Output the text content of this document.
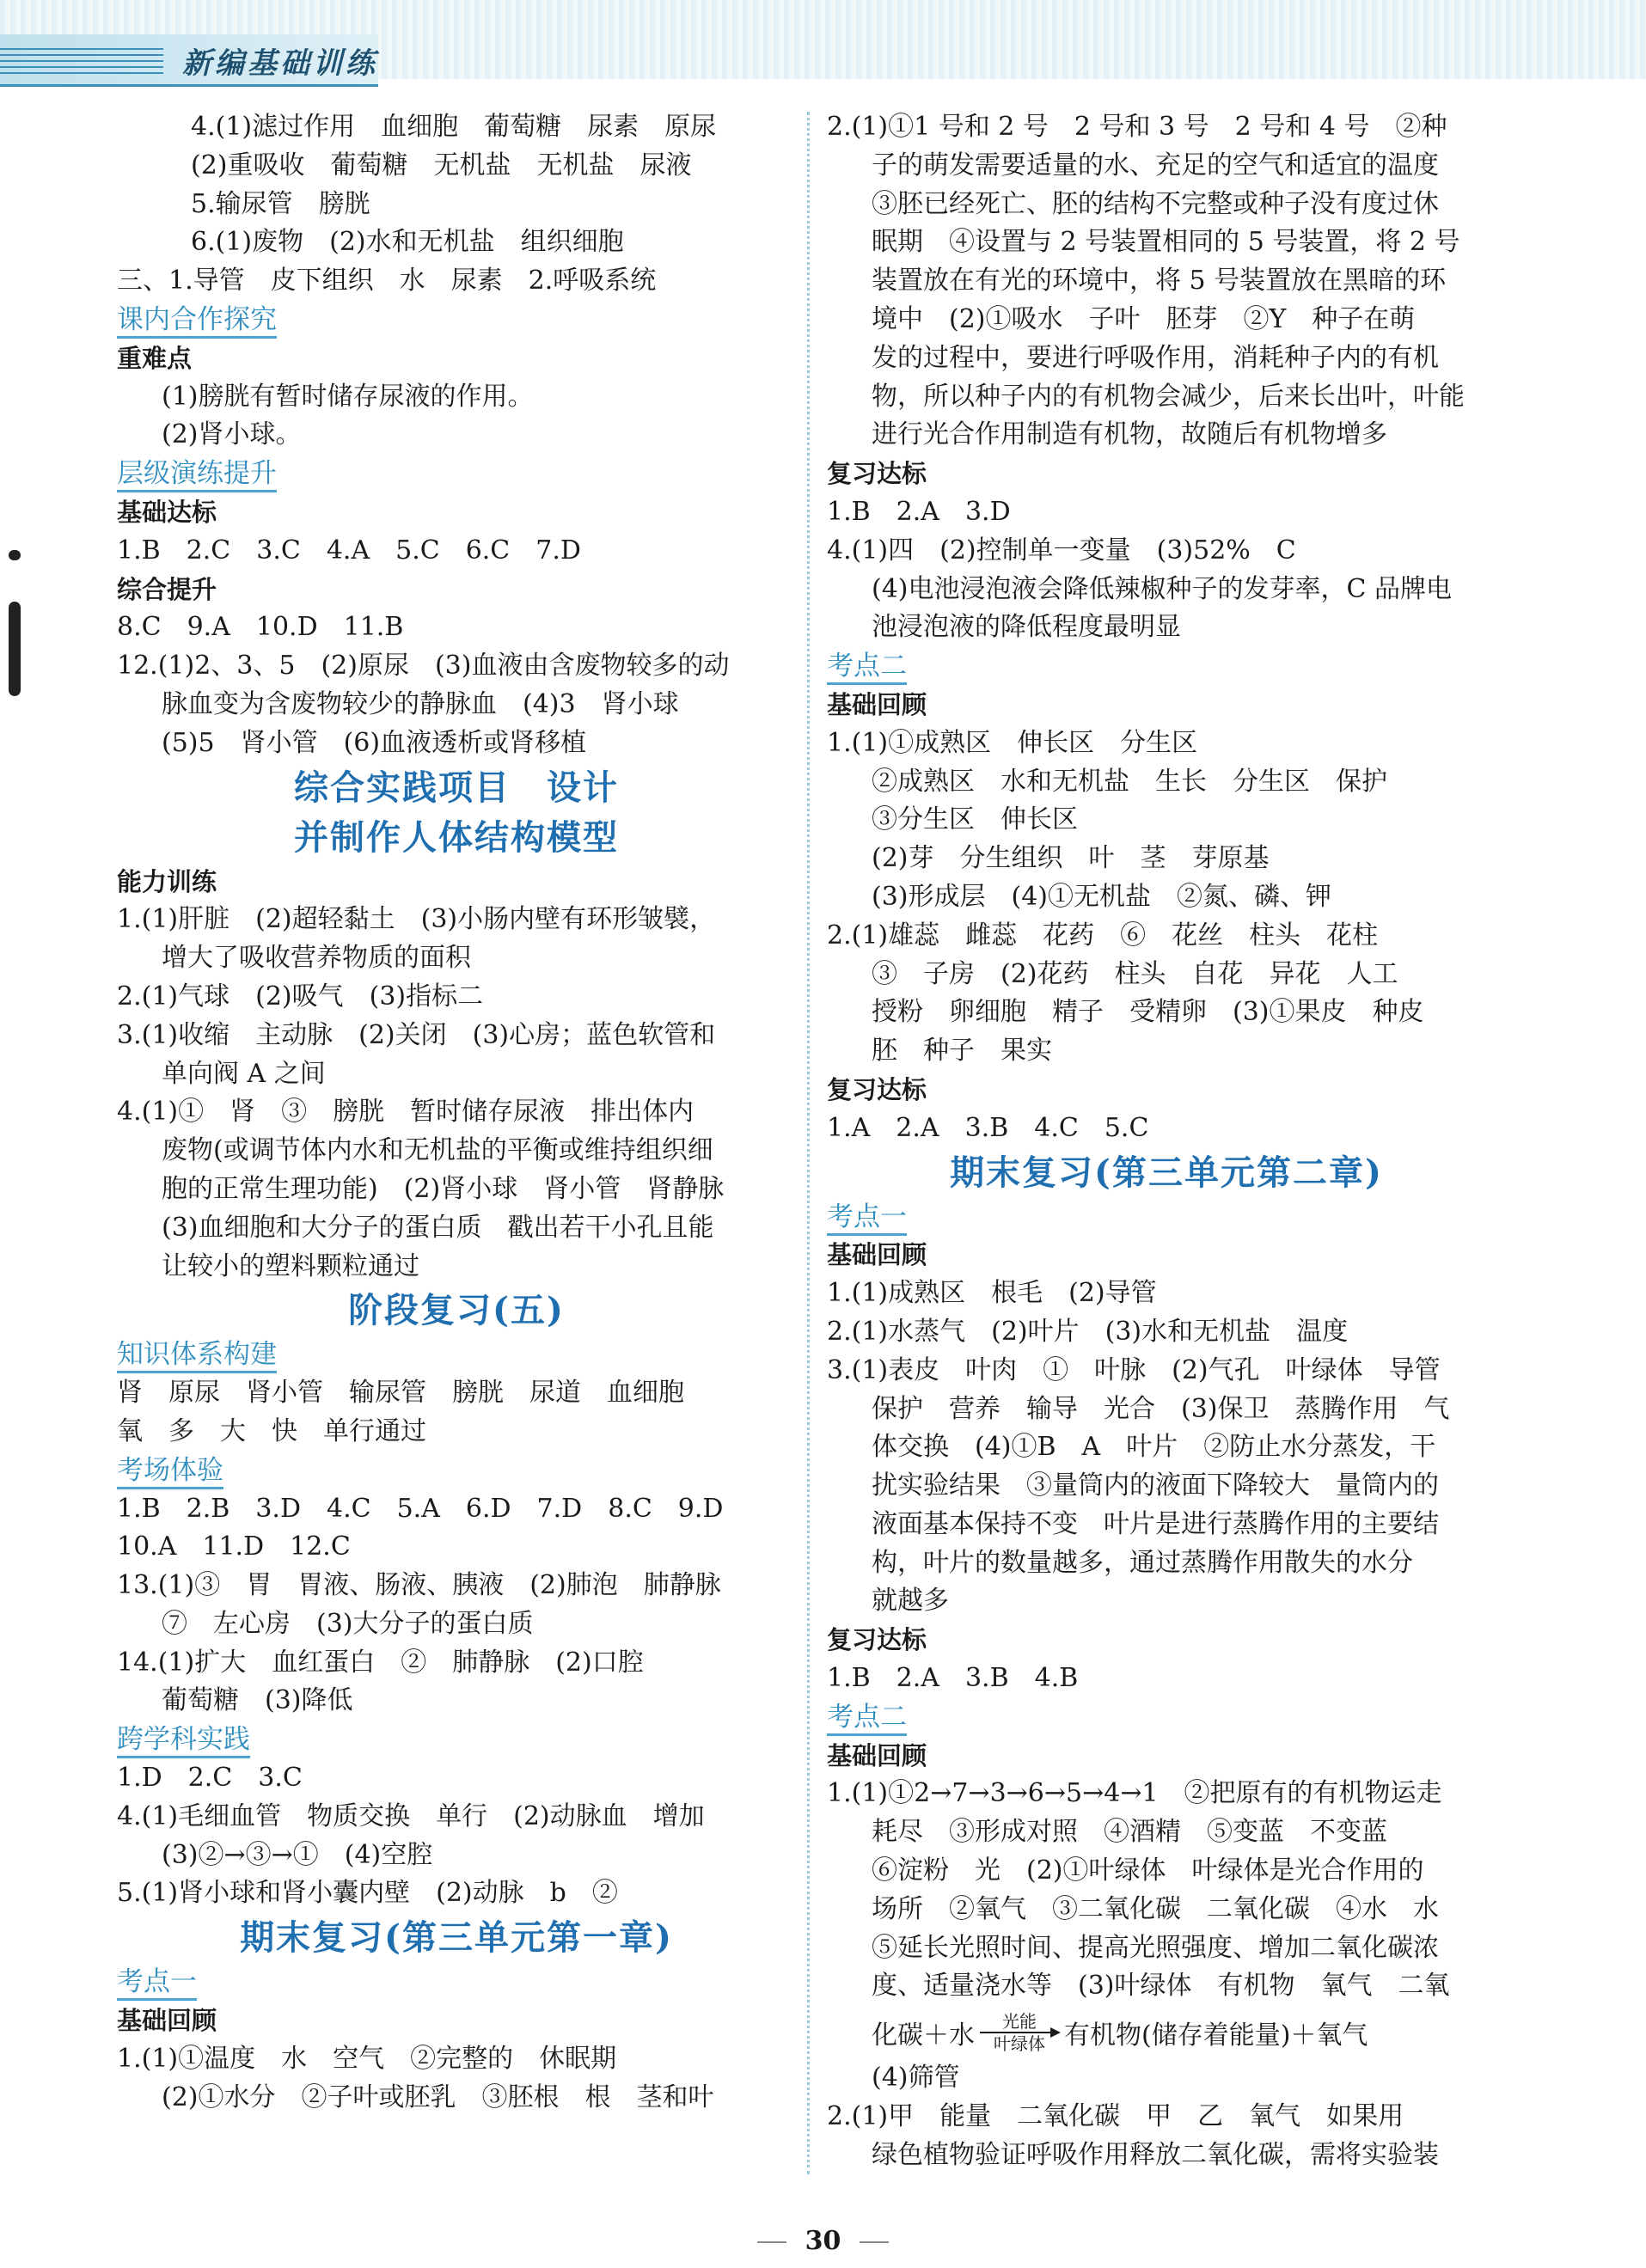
新编基础训练
4.(1)滤过作用　血细胞　葡萄糖　尿素　原尿
(2)重吸收　葡萄糖　无机盐　无机盐　尿液
5.输尿管　膀胱
6.(1)废物　(2)水和无机盐　组织细胞
三、1.导管　皮下组织　水　尿素　2.呼吸系统
课内合作探究
重难点
(1)膀胱有暂时储存尿液的作用。
(2)肾小球。
层级演练提升
基础达标
1.B　2.C　3.C　4.A　5.C　6.C　7.D
综合提升
8.C　9.A　10.D　11.B
12.(1)2、3、5　(2)原尿　(3)血液由含废物较多的动
脉血变为含废物较少的静脉血　(4)3　肾小球
(5)5　肾小管　(6)血液透析或肾移植
综合实践项目　设计
并制作人体结构模型
能力训练
1.(1)肝脏　(2)超轻黏土　(3)小肠内壁有环形皱襞，
增大了吸收营养物质的面积
2.(1)气球　(2)吸气　(3)指标二
3.(1)收缩　主动脉　(2)关闭　(3)心房；蓝色软管和
单向阀 A 之间
4.(1)①　肾　③　膀胱　暂时储存尿液　排出体内
废物(或调节体内水和无机盐的平衡或维持组织细
胞的正常生理功能)　(2)肾小球　肾小管　肾静脉
(3)血细胞和大分子的蛋白质　戳出若干小孔且能
让较小的塑料颗粒通过
阶段复习(五)
知识体系构建
肾　原尿　肾小管　输尿管　膀胱　尿道　血细胞
氧　多　大　快　单行通过
考场体验
1.B　2.B　3.D　4.C　5.A　6.D　7.D　8.C　9.D
10.A　11.D　12.C
13.(1)③　胃　胃液、肠液、胰液　(2)肺泡　肺静脉
⑦　左心房　(3)大分子的蛋白质
14.(1)扩大　血红蛋白　②　肺静脉　(2)口腔
葡萄糖　(3)降低
跨学科实践
1.D　2.C　3.C
4.(1)毛细血管　物质交换　单行　(2)动脉血　增加
(3)②→③→①　(4)空腔
5.(1)肾小球和肾小囊内壁　(2)动脉　b　②
期末复习(第三单元第一章)
考点一
基础回顾
1.(1)①温度　水　空气　②完整的　休眠期
(2)①水分　②子叶或胚乳　③胚根　根　茎和叶
2.(1)①1 号和 2 号　2 号和 3 号　2 号和 4 号　②种
子的萌发需要适量的水、充足的空气和适宜的温度
③胚已经死亡、胚的结构不完整或种子没有度过休
眠期　④设置与 2 号装置相同的 5 号装置，将 2 号
装置放在有光的环境中，将 5 号装置放在黑暗的环
境中　(2)①吸水　子叶　胚芽　②Y　种子在萌
发的过程中，要进行呼吸作用，消耗种子内的有机
物，所以种子内的有机物会减少，后来长出叶，叶能
进行光合作用制造有机物，故随后有机物增多
复习达标
1.B　2.A　3.D
4.(1)四　(2)控制单一变量　(3)52%　C
(4)电池浸泡液会降低辣椒种子的发芽率，C 品牌电
池浸泡液的降低程度最明显
考点二
基础回顾
1.(1)①成熟区　伸长区　分生区
②成熟区　水和无机盐　生长　分生区　保护
③分生区　伸长区
(2)芽　分生组织　叶　茎　芽原基
(3)形成层　(4)①无机盐　②氮、磷、钾
2.(1)雄蕊　雌蕊　花药　⑥　花丝　柱头　花柱
③　子房　(2)花药　柱头　自花　异花　人工
授粉　卵细胞　精子　受精卵　(3)①果皮　种皮
胚　种子　果实
复习达标
1.A　2.A　3.B　4.C　5.C
期末复习(第三单元第二章)
考点一
基础回顾
1.(1)成熟区　根毛　(2)导管
2.(1)水蒸气　(2)叶片　(3)水和无机盐　温度
3.(1)表皮　叶肉　①　叶脉　(2)气孔　叶绿体　导管
保护　营养　输导　光合　(3)保卫　蒸腾作用　气
体交换　(4)①B　A　叶片　②防止水分蒸发，干
扰实验结果　③量筒内的液面下降较大　量筒内的
液面基本保持不变　叶片是进行蒸腾作用的主要结
构，叶片的数量越多，通过蒸腾作用散失的水分
就越多
复习达标
1.B　2.A　3.B　4.B
考点二
基础回顾
1.(1)①2→7→3→6→5→4→1　②把原有的有机物运走
耗尽　③形成对照　④酒精　⑤变蓝　不变蓝
⑥淀粉　光　(2)①叶绿体　叶绿体是光合作用的
场所　②氧气　③二氧化碳　二氧化碳　④水　水
⑤延长光照时间、提高光照强度、增加二氧化碳浓
度、适量浇水等　(3)叶绿体　有机物　氧气　二氧
化碳＋水 光能
叶绿体 有机物(储存着能量)＋氧气
(4)筛管
2.(1)甲　能量　二氧化碳　甲　乙　氧气　如果用
绿色植物验证呼吸作用释放二氧化碳，需将实验装
30
